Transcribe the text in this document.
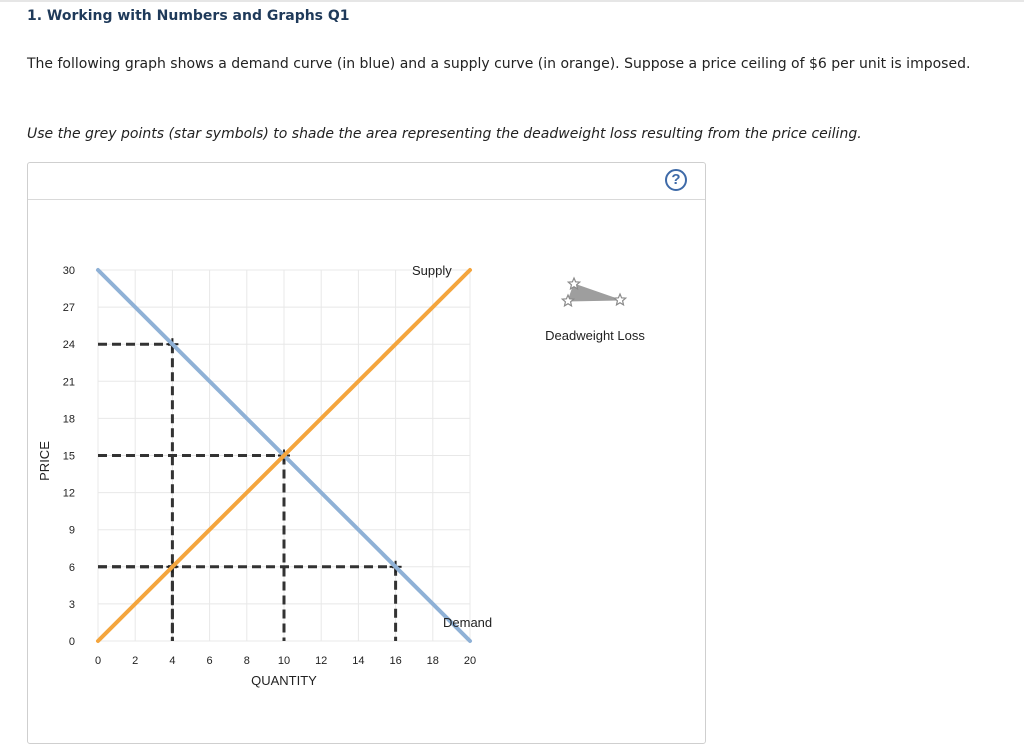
1. Working with Numbers and Graphs Q1
The following graph shows a demand curve (in blue) and a supply curve (in orange). Suppose a price ceiling of $6 per unit is imposed.
Use the grey points (star symbols) to shade the area representing the deadweight loss resulting from the price ceiling.
?
0	2	4	6	8	10 12 14 16 18 20
0
3
6
9
12
15
18
21
24
27
30	Supply
Demand
QUANTITY
PRICE
Deadweight Loss
